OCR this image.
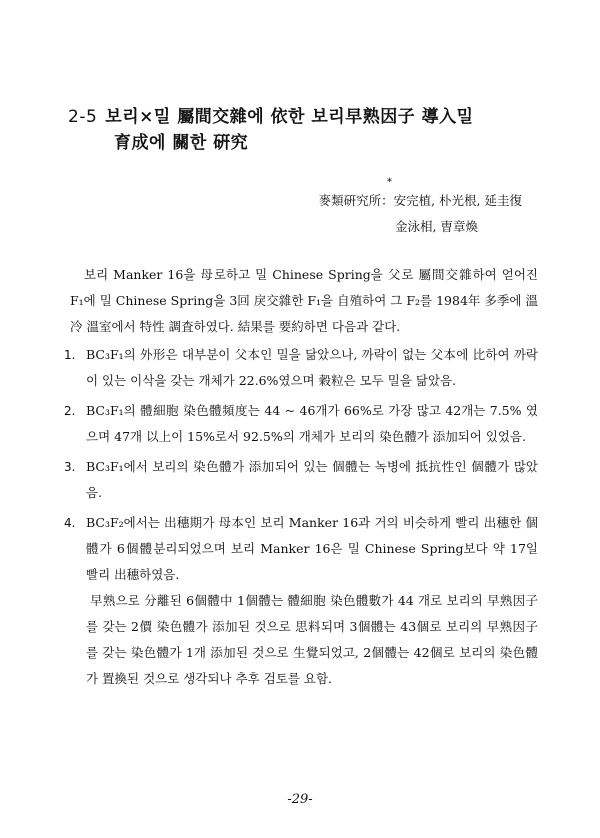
2-5 보리×밀 屬間交雜에 依한 보리早熟因子 導入밀
育成에 關한 硏究
*
麥類硏究所：安完植, 朴光根, 延圭復
金泳相, 曺章煥

보리 Manker 16을 母로하고 밀 Chinese Spring을 父로 屬間交雜하여 얻어진 F₁에 밀 Chinese Spring을 3回 戾交雜한 F₁을 自殖하여 그 F₂를 1984年 多季에 溫冷 溫室에서 特性 調査하였다. 結果를 要約하면 다음과 같다.

1. BC₃F₁의 外形은 대부분이 父本인 밀을 닮았으나, 까락이 없는 父本에 比하여 까락이 있는 이삭을 갖는 개체가 22.6%였으며 穀粒은 모두 밀을 닮았음.

2. BC₃F₁의 體細胞 染色體頻度는 44 ~ 46개가 66%로 가장 많고 42개는 7.5% 였으며 47개 以上이 15%로서 92.5%의 개체가 보리의 染色體가 添加되어 있었음.

3. BC₃F₁에서 보리의 染色體가 添加되어 있는 個體는 녹병에 抵抗性인 個體가 많았음.

4. BC₃F₂에서는 出穗期가 母本인 보리 Manker 16과 거의 비슷하게 빨리 出穗한 個體가 6個體분리되었으며 보리 Manker 16은 밀 Chinese Spring보다 약 17일 빨리 出穗하였음.

早熟으로 分離된 6個體中 1個體는 體細胞 染色體數가 44 개로 보리의 早熟因子를 갖는 2價 染色體가 添加된 것으로 思料되며 3個體는 43個로 보리의 早熟因子를 갖는 染色體가 1개 添加된 것으로 生覺되었고, 2個體는 42個로 보리의 染色體가 置換된 것으로 생각되나 추후 검토를 요함.

-29-
